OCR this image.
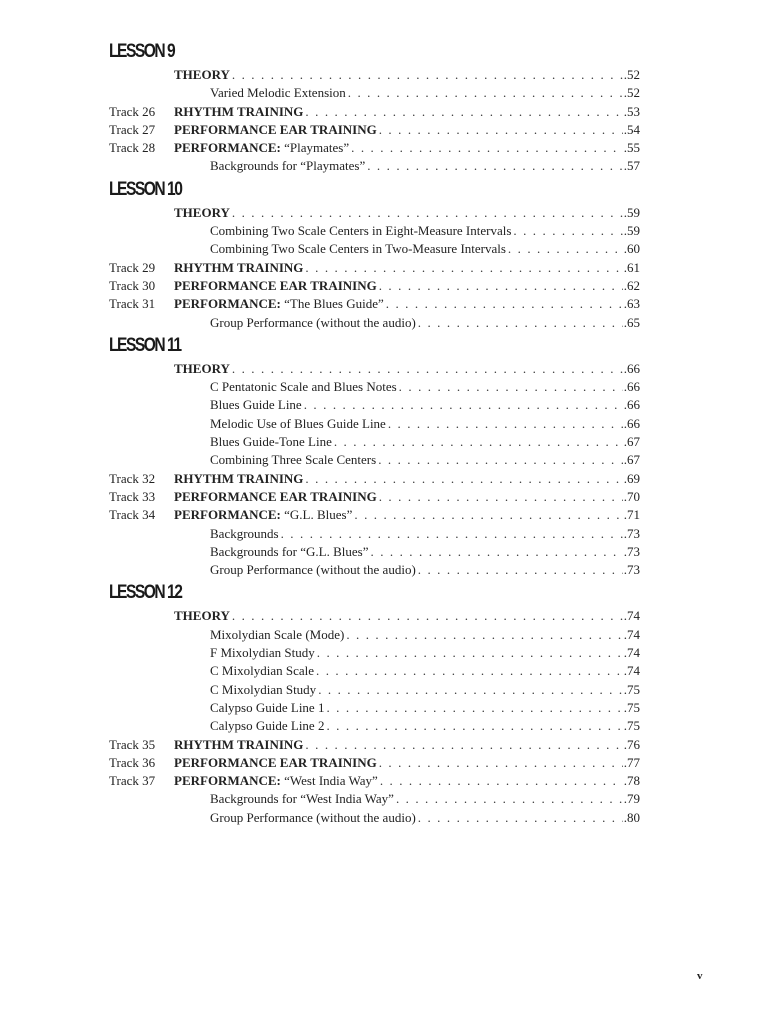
LESSON 9
THEORY . . .	.52
Varied Melodic Extension . . .	.52
Track 26 RHYTHM TRAINING . . .	.53
Track 27 PERFORMANCE EAR TRAINING . . .	.54
Track 28 PERFORMANCE: “Playmates” . . .	.55
Backgrounds for “Playmates” . . .	.57
LESSON 10
THEORY . . .	.59
Combining Two Scale Centers in Eight-Measure Intervals . . .	.59
Combining Two Scale Centers in Two-Measure Intervals . . .	.60
Track 29 RHYTHM TRAINING . . .	.61
Track 30 PERFORMANCE EAR TRAINING . . .	.62
Track 31 PERFORMANCE: “The Blues Guide” . . .	.63
Group Performance (without the audio) . . .	.65
LESSON 11
THEORY . . .	.66
C Pentatonic Scale and Blues Notes . . .	.66
Blues Guide Line . . .	.66
Melodic Use of Blues Guide Line . . .	.66
Blues Guide-Tone Line . . .	.67
Combining Three Scale Centers . . .	.67
Track 32 RHYTHM TRAINING . . .	.69
Track 33 PERFORMANCE EAR TRAINING . . .	.70
Track 34 PERFORMANCE: “G.L. Blues” . . .	.71
Backgrounds . . .	.73
Backgrounds for “G.L. Blues” . . .	.73
Group Performance (without the audio) . . .	.73
LESSON 12
THEORY . . .	.74
Mixolydian Scale (Mode) . . .	.74
F Mixolydian Study . . .	.74
C Mixolydian Scale . . .	.74
C Mixolydian Study . . .	.75
Calypso Guide Line 1 . . .	.75
Calypso Guide Line 2 . . .	.75
Track 35 RHYTHM TRAINING . . .	.76
Track 36 PERFORMANCE EAR TRAINING . . .	.77
Track 37 PERFORMANCE: “West India Way” . . .	.78
Backgrounds for “West India Way” . . .	.79
Group Performance (without the audio) . . .	.80
v
